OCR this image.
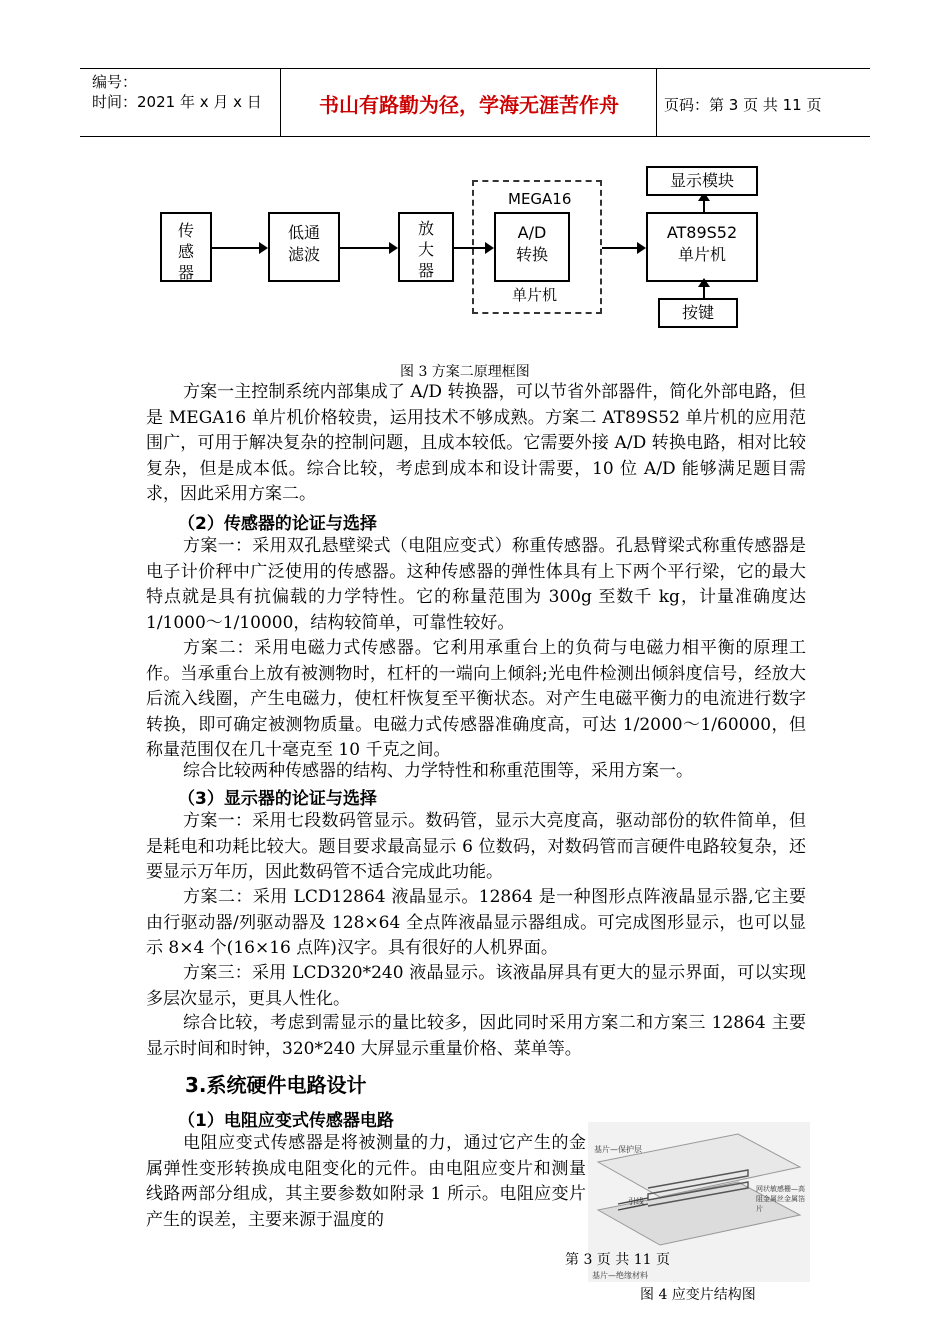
编号：
时间：2021 年 x 月 x 日	书山有路勤为径，学海无涯苦作舟	页码：第 3 页 共 11 页
传感器
低通滤波
放大器
MEGA16
A/D转换
单片机
AT89S52单片机
显示模块
按键
图 3 方案二原理框图

方案一主控制系统内部集成了 A/D 转换器，可以节省外部器件，简化外部电路，但是 MEGA16 单片机价格较贵，运用技术不够成熟。方案二 AT89S52 单片机的应用范围广，可用于解决复杂的控制问题，且成本较低。它需要外接 A/D 转换电路，相对比较复杂，但是成本低。综合比较，考虑到成本和设计需要，10 位 A/D 能够满足题目需求，因此采用方案二。

（2）传感器的论证与选择

方案一：采用双孔悬壁梁式（电阻应变式）称重传感器。孔悬臂梁式称重传感器是电子计价秤中广泛使用的传感器。这种传感器的弹性体具有上下两个平行梁，它的最大特点就是具有抗偏载的力学特性。它的称量范围为 300g 至数千 kg，计量准确度达 1/1000～1/10000，结构较简单，可靠性较好。

方案二：采用电磁力式传感器。它利用承重台上的负荷与电磁力相平衡的原理工作。当承重台上放有被测物时，杠杆的一端向上倾斜;光电件检测出倾斜度信号，经放大后流入线圈，产生电磁力，使杠杆恢复至平衡状态。对产生电磁平衡力的电流进行数字转换，即可确定被测物质量。电磁力式传感器准确度高，可达 1/2000～1/60000，但称量范围仅在几十毫克至 10 千克之间。

综合比较两种传感器的结构、力学特性和称重范围等，采用方案一。

（3）显示器的论证与选择

方案一：采用七段数码管显示。数码管，显示大亮度高，驱动部份的软件简单，但是耗电和功耗比较大。题目要求最高显示 6 位数码，对数码管而言硬件电路较复杂，还要显示万年历，因此数码管不适合完成此功能。

方案二：采用 LCD12864 液晶显示。12864 是一种图形点阵液晶显示器,它主要由行驱动器/列驱动器及 128×64 全点阵液晶显示器组成。可完成图形显示，也可以显示 8×4 个(16×16 点阵)汉字。具有很好的人机界面。

方案三：采用 LCD320*240 液晶显示。该液晶屏具有更大的显示界面，可以实现多层次显示，更具人性化。

综合比较，考虑到需显示的量比较多，因此同时采用方案二和方案三 12864 主要显示时间和时钟，320*240 大屏显示重量价格、菜单等。

3.系统硬件电路设计
（1）电阻应变式传感器电路

电阻应变式传感器是将被测量的力，通过它产生的金属弹性变形转换成电阻变化的元件。由电阻应变片和测量线路两部分组成，其主要参数如附录 1 所示。电阻应变片产生的误差，主要来源于温度的

基片—保护层
网状敏感栅—高阻金属丝金属箔片
引线
基片—绝缘材料
图 4 应变片结构图
第 3 页 共 11 页
